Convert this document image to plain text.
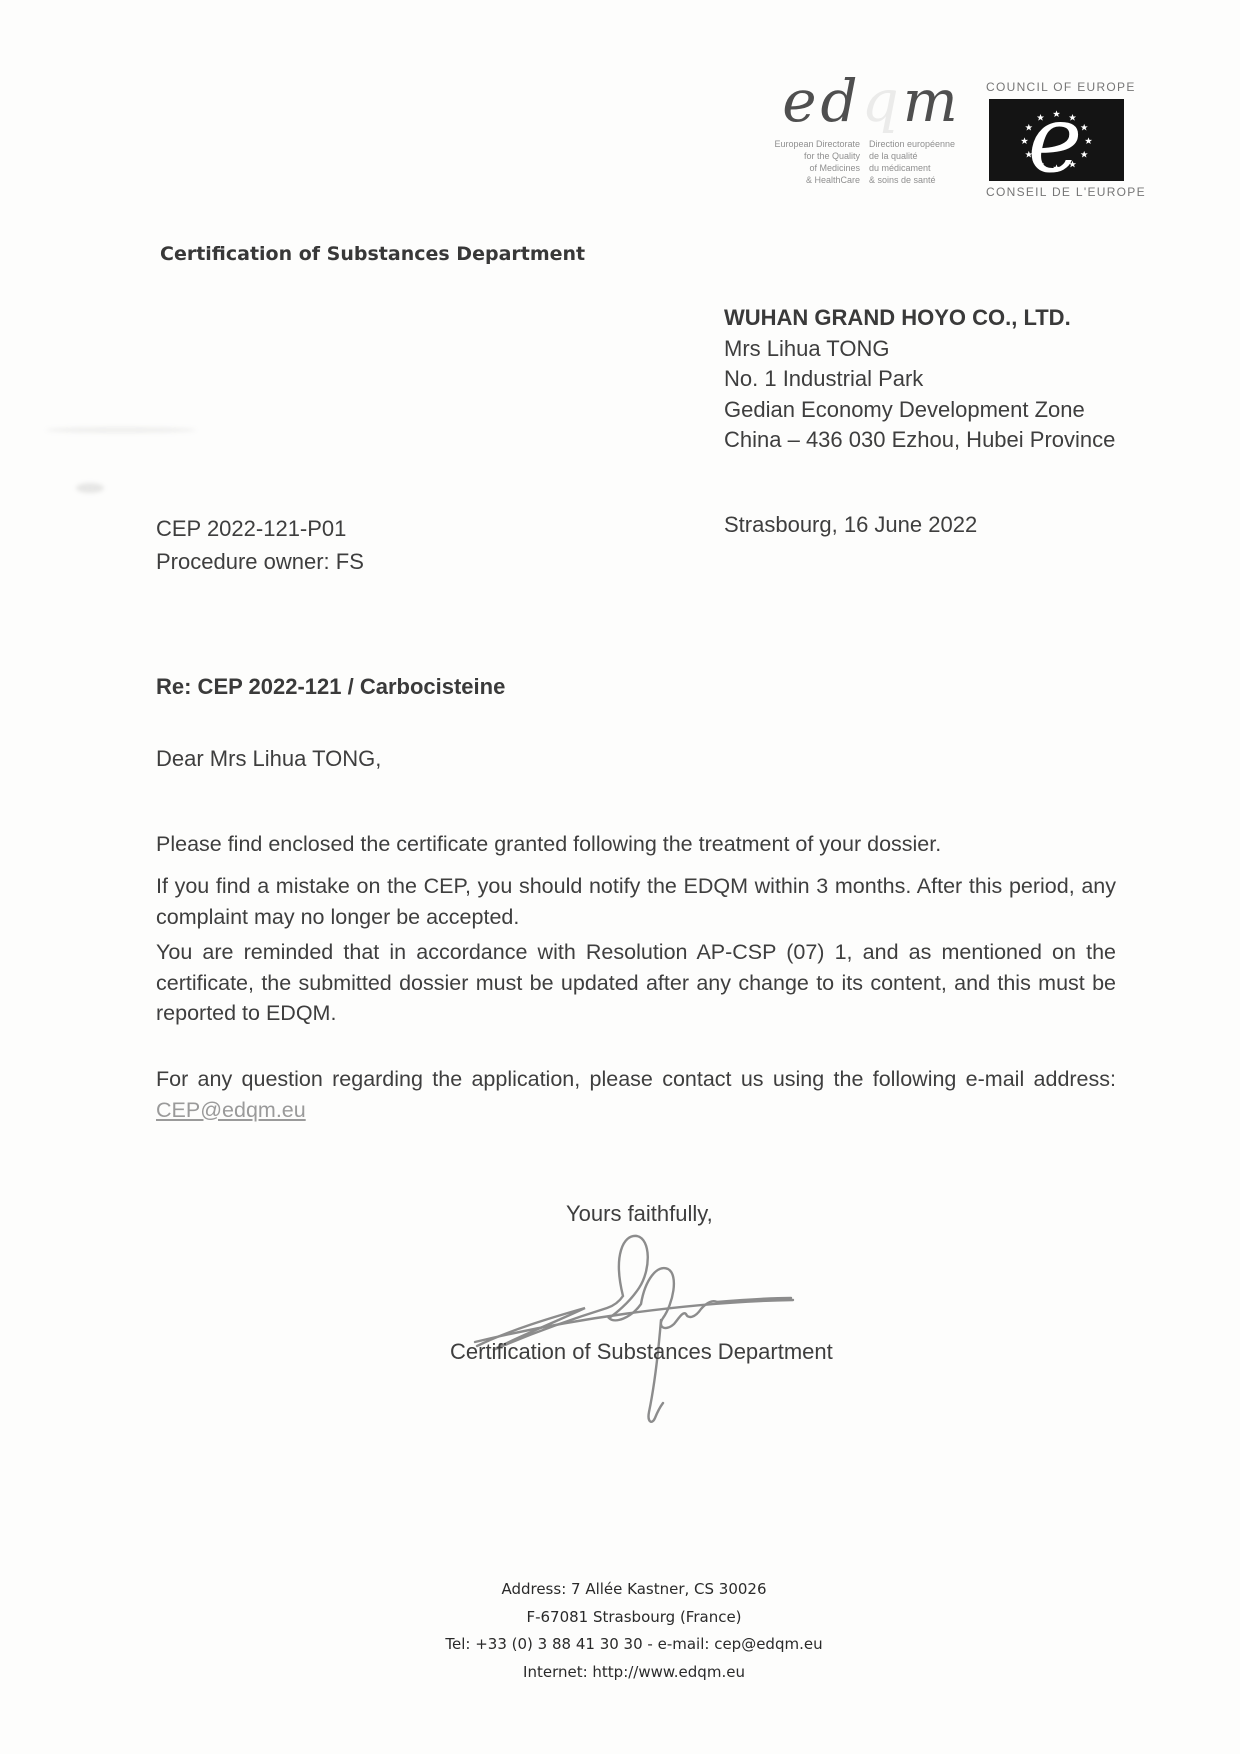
edqm
European Directorate Direction européenne
for the Quality de la qualité
of Medicines du médicament
& HealthCare & soins de santé
COUNCIL OF EUROPE
e
CONSEIL DE L'EUROPE
Certification of Substances Department
WUHAN GRAND HOYO CO., LTD.
Mrs Lihua TONG
No. 1 Industrial Park
Gedian Economy Development Zone
China – 436 030 Ezhou, Hubei Province
CEP 2022-121-P01
Procedure owner: FS
Strasbourg, 16 June 2022
Re: CEP 2022-121 / Carbocisteine
Dear Mrs Lihua TONG,
Please find enclosed the certificate granted following the treatment of your dossier.
If you find a mistake on the CEP, you should notify the EDQM within 3 months. After this period, any complaint may no longer be accepted.
You are reminded that in accordance with Resolution AP-CSP (07) 1, and as mentioned on the certificate, the submitted dossier must be updated after any change to its content, and this must be reported to EDQM.
For any question regarding the application, please contact us using the following e-mail address: CEP@edqm.eu
Yours faithfully,
Certification of Substances Department
Address: 7 Allée Kastner, CS 30026
F-67081 Strasbourg (France)
Tel: +33 (0) 3 88 41 30 30 - e-mail: cep@edqm.eu
Internet: http://www.edqm.eu
